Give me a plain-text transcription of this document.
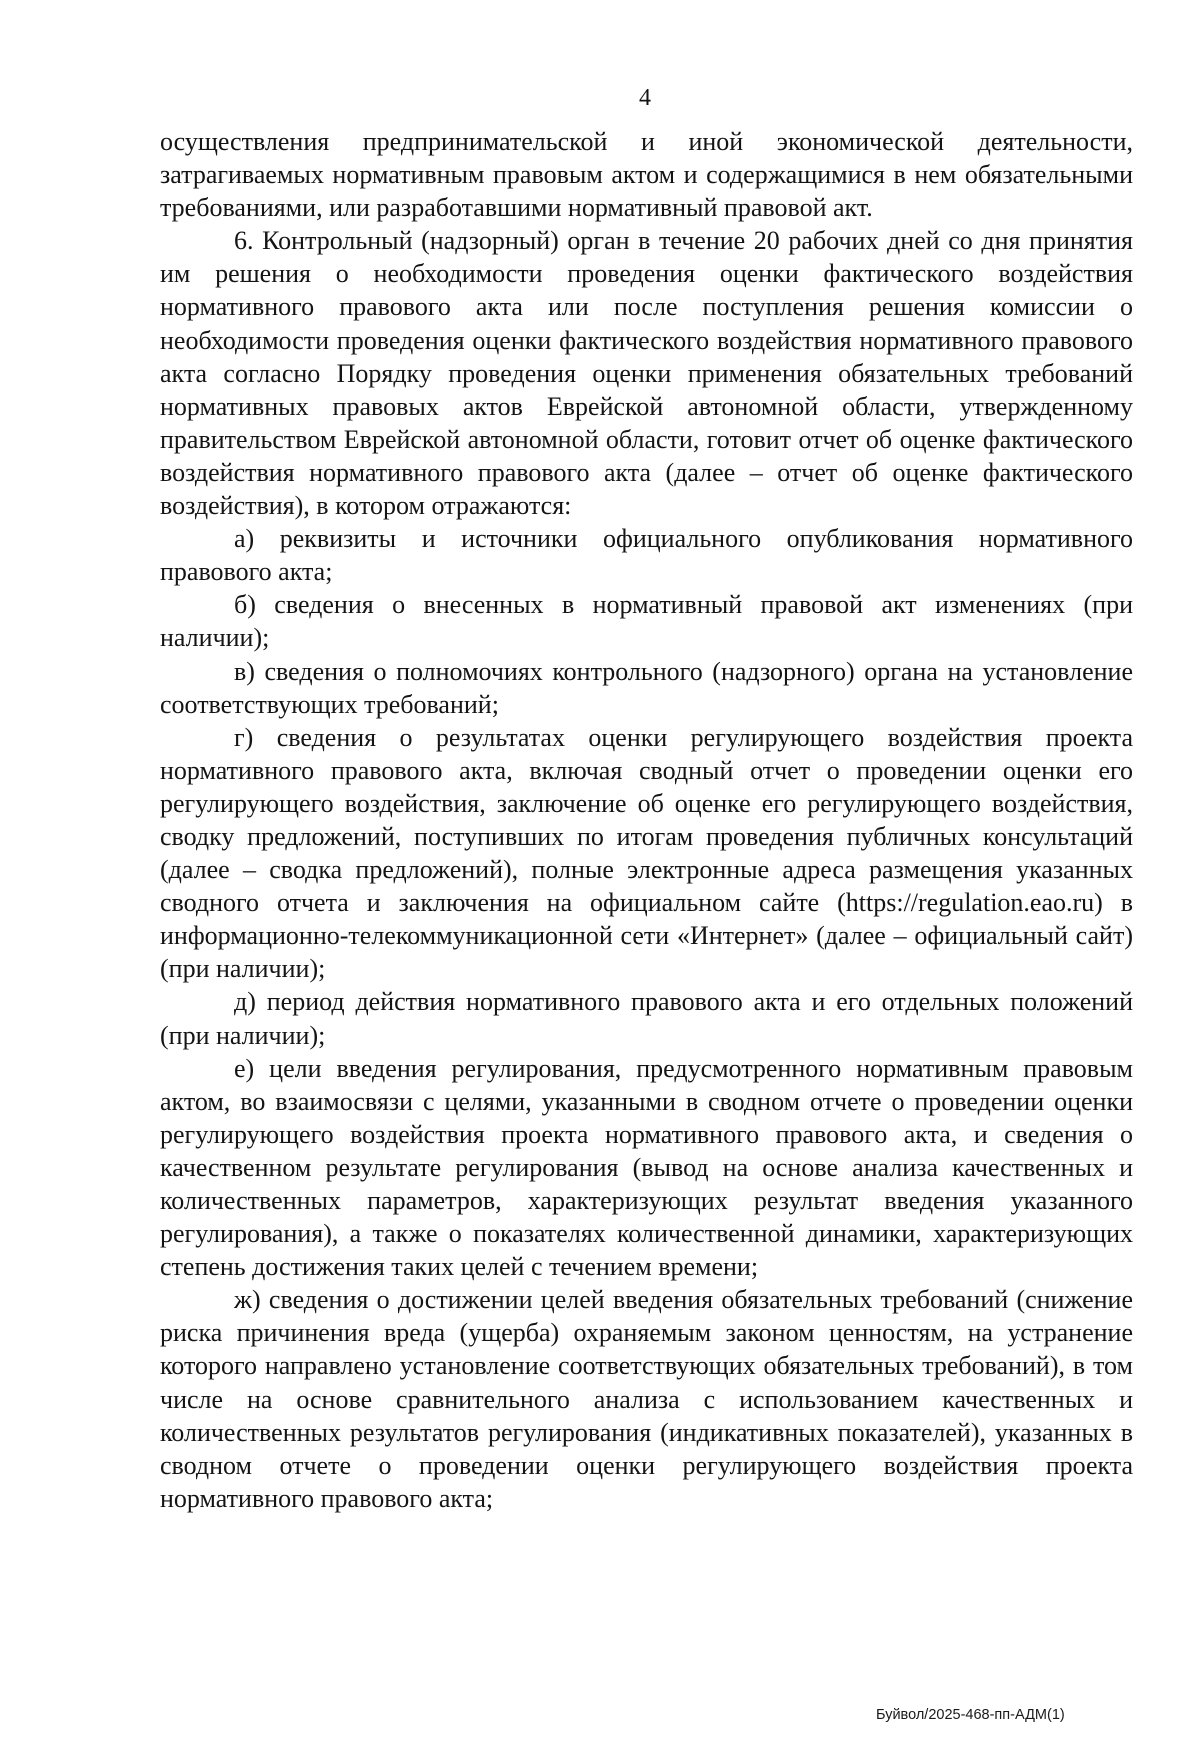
4

осуществления предпринимательской и иной экономической деятельности, затрагиваемых нормативным правовым актом и содержащимися в нем обязательными требованиями, или разработавшими нормативный правовой акт.

6. Контрольный (надзорный) орган в течение 20 рабочих дней со дня принятия им решения о необходимости проведения оценки фактического воздействия нормативного правового акта или после поступления решения комиссии о необходимости проведения оценки фактического воздействия нормативного правового акта согласно Порядку проведения оценки применения обязательных требований нормативных правовых актов Еврейской автономной области, утвержденному правительством Еврейской автономной области, готовит отчет об оценке фактического воздействия нормативного правового акта (далее – отчет об оценке фактического воздействия), в котором отражаются:

а) реквизиты и источники официального опубликования нормативного правового акта;

б) сведения о внесенных в нормативный правовой акт изменениях (при наличии);

в) сведения о полномочиях контрольного (надзорного) органа на установление соответствующих требований;

г) сведения о результатах оценки регулирующего воздействия проекта нормативного правового акта, включая сводный отчет о проведении оценки его регулирующего воздействия, заключение об оценке его регулирующего воздействия, сводку предложений, поступивших по итогам проведения публичных консультаций (далее – сводка предложений), полные электронные адреса размещения указанных сводного отчета и заключения на официальном сайте (https://regulation.eao.ru) в информационно-телекоммуникационной сети «Интернет» (далее – официальный сайт) (при наличии);

д) период действия нормативного правового акта и его отдельных положений (при наличии);

е) цели введения регулирования, предусмотренного нормативным правовым актом, во взаимосвязи с целями, указанными в сводном отчете о проведении оценки регулирующего воздействия проекта нормативного правового акта, и сведения о качественном результате регулирования (вывод на основе анализа качественных и количественных параметров, характеризующих результат введения указанного регулирования), а также о показателях количественной динамики, характеризующих степень достижения таких целей с течением времени;

ж) сведения о достижении целей введения обязательных требований (снижение риска причинения вреда (ущерба) охраняемым законом ценностям, на устранение которого направлено установление соответствующих обязательных требований), в том числе на основе сравнительного анализа с использованием качественных и количественных результатов регулирования (индикативных показателей), указанных в сводном отчете о проведении оценки регулирующего воздействия проекта нормативного правового акта;

Буйвол/2025-468-пп-АДМ(1)
